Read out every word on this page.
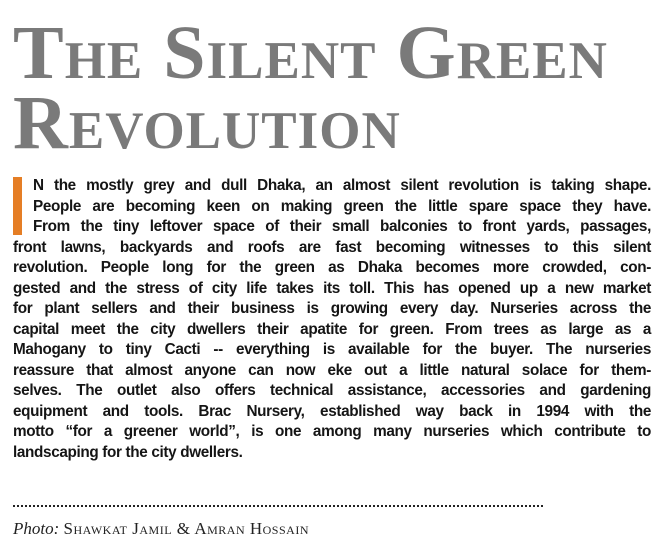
The Silent Green
Revolution

N the mostly grey and dull Dhaka, an almost silent revolution is taking shape.
People are becoming keen on making green the little spare space they have.
From the tiny leftover space of their small balconies to front yards, passages,
front lawns, backyards and roofs are fast becoming witnesses to this silent
revolution. People long for the green as Dhaka becomes more crowded, con-
gested and the stress of city life takes its toll. This has opened up a new market
for plant sellers and their business is growing every day. Nurseries across the
capital meet the city dwellers their apatite for green. From trees as large as a
Mahogany to tiny Cacti -- everything is available for the buyer. The nurseries
reassure that almost anyone can now eke out a little natural solace for them-
selves. The outlet also offers technical assistance, accessories and gardening
equipment and tools. Brac Nursery, established way back in 1994 with the
motto “for a greener world”, is one among many nurseries which contribute to
landscaping for the city dwellers.

Photo: Shawkat Jamil & Amran Hossain
